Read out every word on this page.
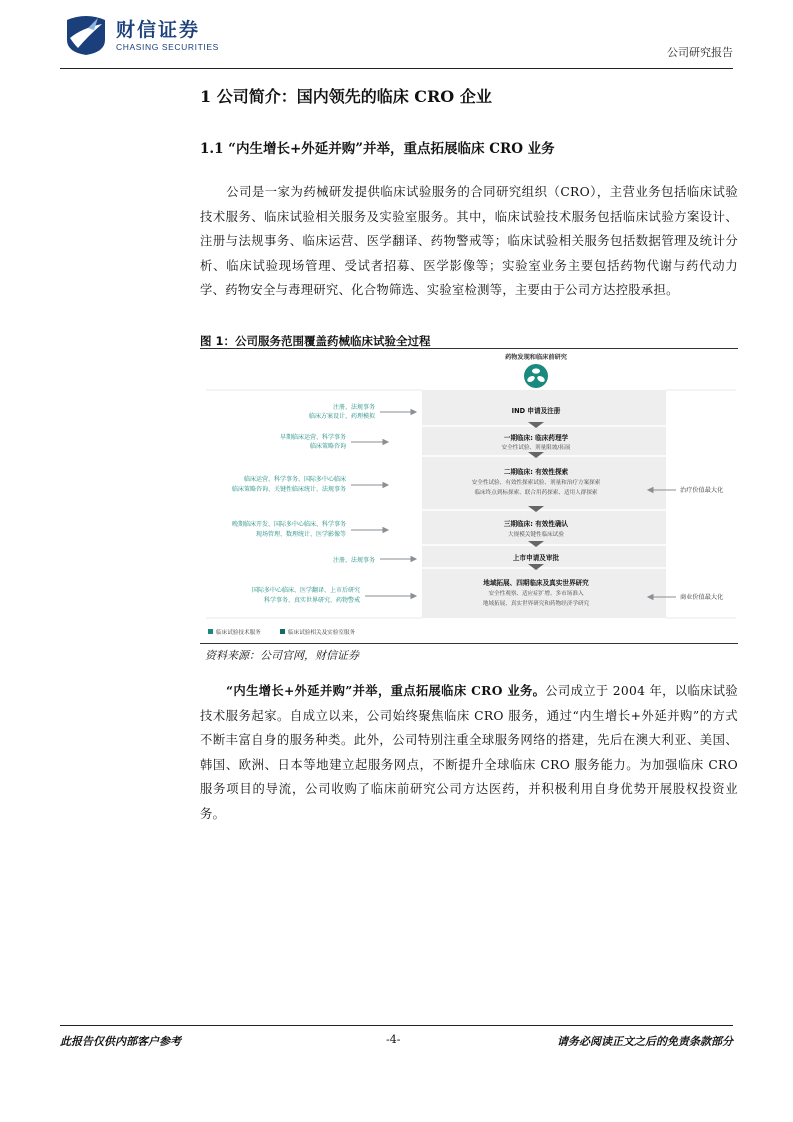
财信证券
CHASING SECURITIES	公司研究报告
1 公司简介：国内领先的临床 CRO 企业
1.1 “内生增长+外延并购”并举，重点拓展临床 CRO 业务
公司是一家为药械研发提供临床试验服务的合同研究组织（CRO），主营业务包括临床试验技术服务、临床试验相关服务及实验室服务。其中，临床试验技术服务包括临床试验方案设计、注册与法规事务、临床运营、医学翻译、药物警戒等；临床试验相关服务包括数据管理及统计分析、临床试验现场管理、受试者招募、医学影像等；实验室业务主要包括药物代谢与药代动力学、药物安全与毒理研究、化合物筛选、实验室检测等，主要由于公司方达控股承担。
图 1：公司服务范围覆盖药械临床试验全过程
药物发现和临床前研究
IND 申请及注册
一期临床: 临床药理学
安全性试验、剂量限坡/拓展
二期临床: 有效性探索
安全性试验、有效性探索试验、剂量和治疗方案探索
临床终点到标探索、联合用药探索、适用人群探索
三期临床: 有效性确认
大规模关键性临床试验
上市申请及审批
地域拓展、四期临床及真实世界研究
安全性观察、适应症扩增、多市场准入
地域拓展、真实世界研究和药物经济学研究
注册、法规事务
临床方案设计、药理模拟
早期临床运营、科学事务
临床策略咨询
临床运营、科学事务、国际多中心临床
临床策略咨询、关键性临床统计、法规事务
晚期临床开发、国际多中心临床、科学事务
现场管理、数理统计、医学影像等
注册、法规事务
国际多中心临床、医学翻译、上市后研究
科学事务、真实世界研究、药物警戒
治疗价值最大化
商业价值最大化
临床试验技术服务	临床试验相关及实验室服务
资料来源：公司官网，财信证券
“内生增长+外延并购”并举，重点拓展临床 CRO 业务。公司成立于 2004 年，以临床试验技术服务起家。自成立以来，公司始终聚焦临床 CRO 服务，通过“内生增长+外延并购”的方式不断丰富自身的服务种类。此外，公司特别注重全球服务网络的搭建，先后在澳大利亚、美国、韩国、欧洲、日本等地建立起服务网点，不断提升全球临床 CRO 服务能力。为加强临床 CRO 服务项目的导流，公司收购了临床前研究公司方达医药，并积极利用自身优势开展股权投资业务。
此报告仅供内部客户参考	-4-	请务必阅读正文之后的免责条款部分
